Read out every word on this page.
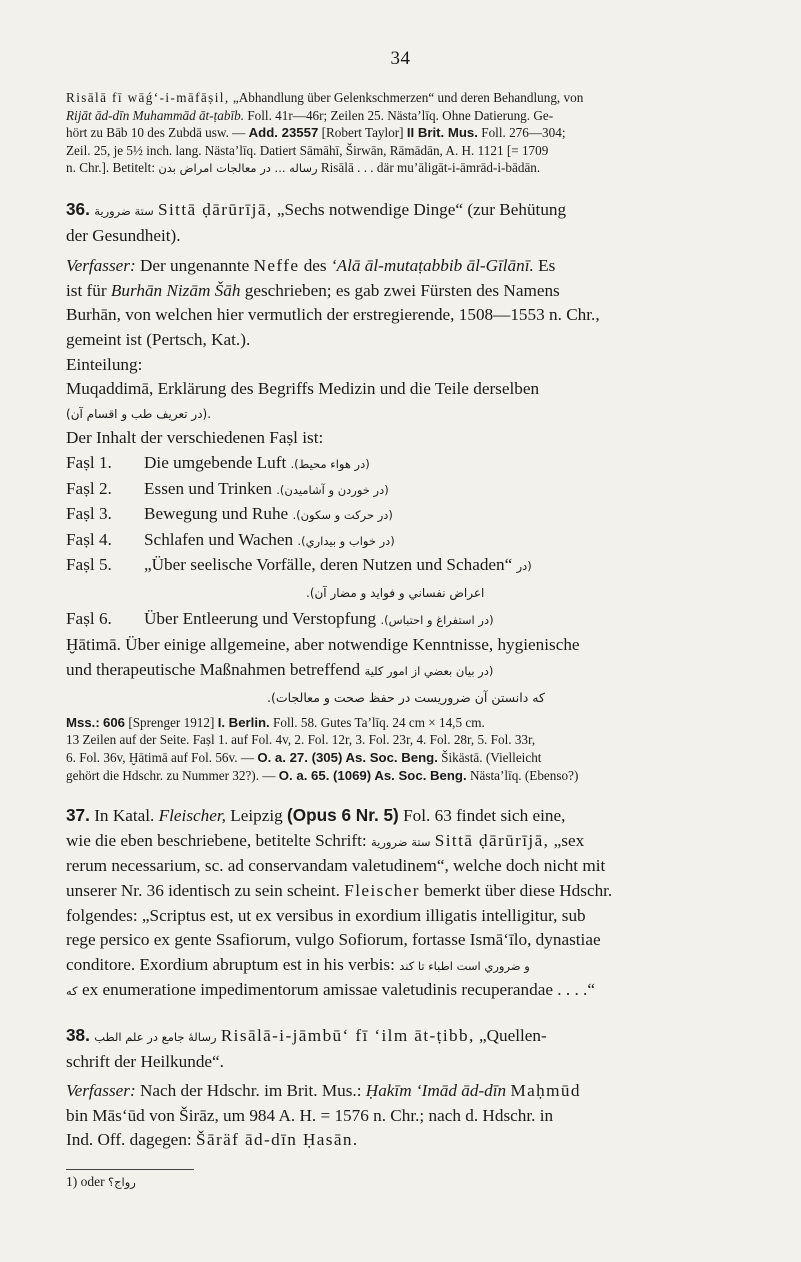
34

Risālā fī wāǵ‘-i-māfāṣil, „Abhandlung über Gelenkschmerzen“ und deren Behandlung, von

Rijāt ād-dīn Muhammād āt-ṭabīb. Foll. 41r—46r; Zeilen 25. Nästa’līq. Ohne Datierung. Ge-

hört zu Bāb 10 des Zubdā usw. — Add. 23557 [Robert Taylor] II Brit. Mus. Foll. 276—304;

Zeil. 25, je 5½ inch. lang. Nästa’līq. Datiert Sāmāhī, Širwān, Rāmādān, A. H. 1121 [= 1709

n. Chr.]. Betitelt: رساله ... در معالجات امراض بدن Risālā . . . där mu’āligāt-i-āmrād-i-bādān.

36. ستة ضرورية Sittā ḍārūrījā, „Sechs notwendige Dinge“ (zur Behütung

der Gesundheit).

Verfasser: Der ungenannte Neffe des ‘Alā āl-mutaṭabbib āl-Gīlānī. Es

ist für Burhān Nizām Šāh geschrieben; es gab zwei Fürsten des Namens

Burhān, von welchen hier vermutlich der erstregierende, 1508—1553 n. Chr.,

gemeint ist (Pertsch, Kat.).

Einteilung:

Muqaddimā, Erklärung des Begriffs Medizin und die Teile derselben

(در تعريف طب و اقسام آن).

Der Inhalt der verschiedenen Faṣl ist:

Faṣl 1.	Die umgebende Luft (در هواء محيط).
Faṣl 2.	Essen und Trinken (در خوردن و آشاميدن).
Faṣl 3.	Bewegung und Ruhe (در حركت و سكون).
Faṣl 4.	Schlafen und Wachen (در خواب و بيداري).
Faṣl 5.	„Über seelische Vorfälle, deren Nutzen und Schaden“ (در

اعراض نفساني و فوايد و مضار آن).

Faṣl 6.	Über Entleerung und Verstopfung (در استفراغ و احتباس).

Ḫātimā. Über einige allgemeine, aber notwendige Kenntnisse, hygienische

und therapeutische Maßnahmen betreffend (در بيان بعضي از امور كلية

كه دانستن آن ضروريست در حفظ صحت و معالجات).

Mss.: 606 [Sprenger 1912] I. Berlin. Foll. 58. Gutes Ta’līq. 24 cm × 14,5 cm.

13 Zeilen auf der Seite. Faṣl 1. auf Fol. 4v, 2. Fol. 12r, 3. Fol. 23r, 4. Fol. 28r, 5. Fol. 33r,

6. Fol. 36v, Ḫātimā auf Fol. 56v. — O. a. 27. (305) As. Soc. Beng. Šikästā. (Vielleicht

gehört die Hdschr. zu Nummer 32?). — O. a. 65. (1069) As. Soc. Beng. Nästa’līq. (Ebenso?)

37. In Katal. Fleischer, Leipzig (Opus 6 Nr. 5) Fol. 63 findet sich eine,

wie die eben beschriebene, betitelte Schrift: ستة ضرورية Sittā ḍārūrījā, „sex

rerum necessarium, sc. ad conservandam valetudinem“, welche doch nicht mit

unserer Nr. 36 identisch zu sein scheint. Fleischer bemerkt über diese Hdschr.

folgendes: „Scriptus est, ut ex versibus in exordium illigatis intelligitur, sub

rege persico ex gente Ssafiorum, vulgo Sofiorum, fortasse Ismā‘īlo, dynastiae

conditore. Exordium abruptum est in his verbis: و ضروري است اطباء تا كند

كه ex enumeratione impedimentorum amissae valetudinis recuperandae . . . .“

38. رسالهٔ جامع در علم الطب Risālā-i-jāmbū‘ fī ‘ilm āt-ṭibb, „Quellen-

schrift der Heilkunde“.

Verfasser: Nach der Hdschr. im Brit. Mus.: Ḥakīm ‘Imād ād-dīn Maḥmūd

bin Mās‘ūd von Širāz, um 984 A. H. = 1576 n. Chr.; nach d. Hdschr. in

Ind. Off. dagegen: Šāräf ād-dīn Ḥasān.

1) oder رواج؟
